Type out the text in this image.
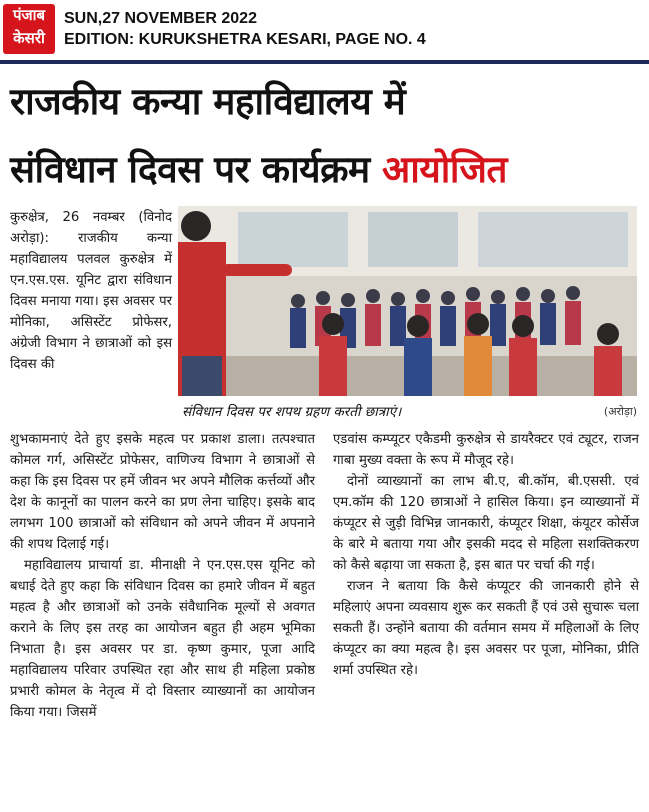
पंजाब
केसरी
SUN,27 NOVEMBER 2022
EDITION: KURUKSHETRA KESARI, PAGE NO. 4
राजकीय कन्या महाविद्यालय में
संविधान दिवस पर कार्यक्रम आयोजित

कुरुक्षेत्र, 26 नवम्बर (विनोद अरोड़ा): राजकीय कन्या महाविद्यालय पलवल कुरुक्षेत्र में एन.एस.एस. यूनिट द्वारा संविधान दिवस मनाया गया। इस अवसर पर मोनिका, असिस्टेंट प्रोफेसर, अंग्रेजी विभाग ने छात्राओं को इस दिवस की

संविधान दिवस पर शपथ ग्रहण करती छात्राएं।	(अरोड़ा)

शुभकामनाएं देते हुए इसके महत्व पर प्रकाश डाला। तत्पश्चात कोमल गर्ग, असिस्टेंट प्रोफेसर, वाणिज्य विभाग ने छात्राओं से कहा कि इस दिवस पर हमें जीवन भर अपने मौलिक कर्त्तव्यों और देश के कानूनों का पालन करने का प्रण लेना चाहिए। इसके बाद लगभग 100 छात्राओं को संविधान को अपने जीवन में अपनाने की शपथ दिलाई गई।

महाविद्यालय प्राचार्या डा. मीनाक्षी ने एन.एस.एस यूनिट को बधाई देते हुए कहा कि संविधान दिवस का हमारे जीवन में बहुत महत्व है और छात्राओं को उनके संवैधानिक मूल्यों से अवगत कराने के लिए इस तरह का आयोजन बहुत ही अहम भूमिका निभाता है। इस अवसर पर डा. कृष्ण कुमार, पूजा आदि महाविद्यालय परिवार उपस्थित रहा और साथ ही महिला प्रकोष्ठ प्रभारी कोमल के नेतृत्व में दो विस्तार व्याख्यानों का आयोजन किया गया। जिसमें

एडवांस कम्प्यूटर एकैडमी कुरुक्षेत्र से डायरैक्टर एवं ट्यूटर, राजन गाबा मुख्य वक्ता के रूप में मौजूद रहे।

दोनों व्याख्यानों का लाभ बी.ए, बी.कॉम, बी.एससी. एवं एम.कॉम की 120 छात्राओं ने हासिल किया। इन व्याख्यानों में कंप्यूटर से जुड़ी विभिन्न जानकारी, कंप्यूटर शिक्षा, कंयूटर कोर्सेज के बारे मे बताया गया और इसकी मदद से महिला सशक्तिकरण को कैसे बढ़ाया जा सकता है, इस बात पर चर्चा की गई।

राजन ने बताया कि कैसे कंप्यूटर की जानकारी होने से महिलाएं अपना व्यवसाय शुरू कर सकती हैं एवं उसे सुचारू चला सकती हैं। उन्होंने बताया की वर्तमान समय में महिलाओं के लिए कंप्यूटर का क्या महत्व है। इस अवसर पर पूजा, मोनिका, प्रीति शर्मा उपस्थित रहे।
